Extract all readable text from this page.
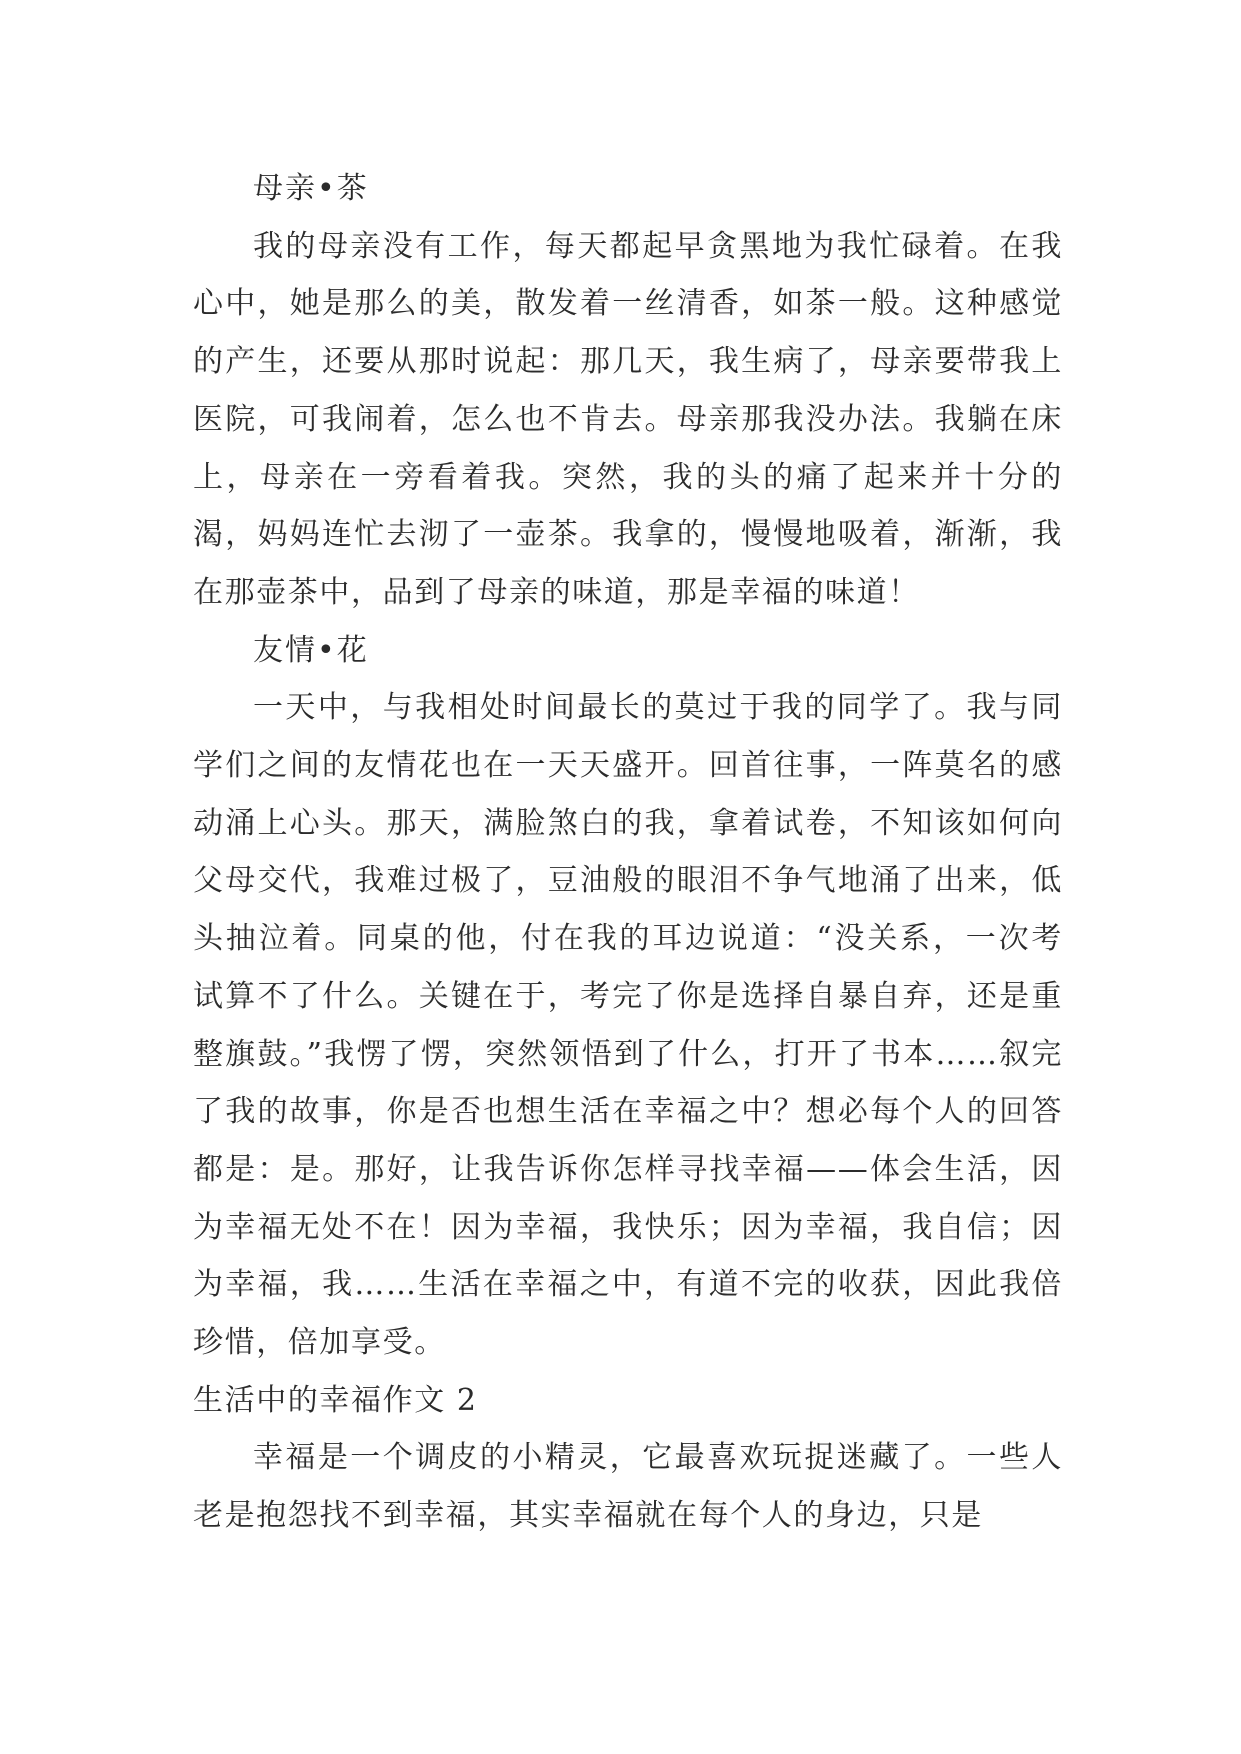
母亲•茶

我的母亲没有工作，每天都起早贪黑地为我忙碌着。在我心中，她是那么的美，散发着一丝清香，如茶一般。这种感觉的产生，还要从那时说起：那几天，我生病了，母亲要带我上医院，可我闹着，怎么也不肯去。母亲那我没办法。我躺在床上，母亲在一旁看着我。突然，我的头的痛了起来并十分的渴，妈妈连忙去沏了一壶茶。我拿的，慢慢地吸着，渐渐，我在那壶茶中，品到了母亲的味道，那是幸福的味道！

友情•花

一天中，与我相处时间最长的莫过于我的同学了。我与同学们之间的友情花也在一天天盛开。回首往事，一阵莫名的感动涌上心头。那天，满脸煞白的我，拿着试卷，不知该如何向父母交代，我难过极了，豆油般的眼泪不争气地涌了出来，低头抽泣着。同桌的他，付在我的耳边说道：“没关系，一次考试算不了什么。关键在于，考完了你是选择自暴自弃，还是重整旗鼓。”我愣了愣，突然领悟到了什么，打开了书本……叙完了我的故事，你是否也想生活在幸福之中？想必每个人的回答都是：是。那好，让我告诉你怎样寻找幸福——体会生活，因为幸福无处不在！因为幸福，我快乐；因为幸福，我自信；因为幸福，我……生活在幸福之中，有道不完的收获，因此我倍珍惜，倍加享受。

生活中的幸福作文 2

幸福是一个调皮的小精灵，它最喜欢玩捉迷藏了。一些人老是抱怨找不到幸福，其实幸福就在每个人的身边，只是
